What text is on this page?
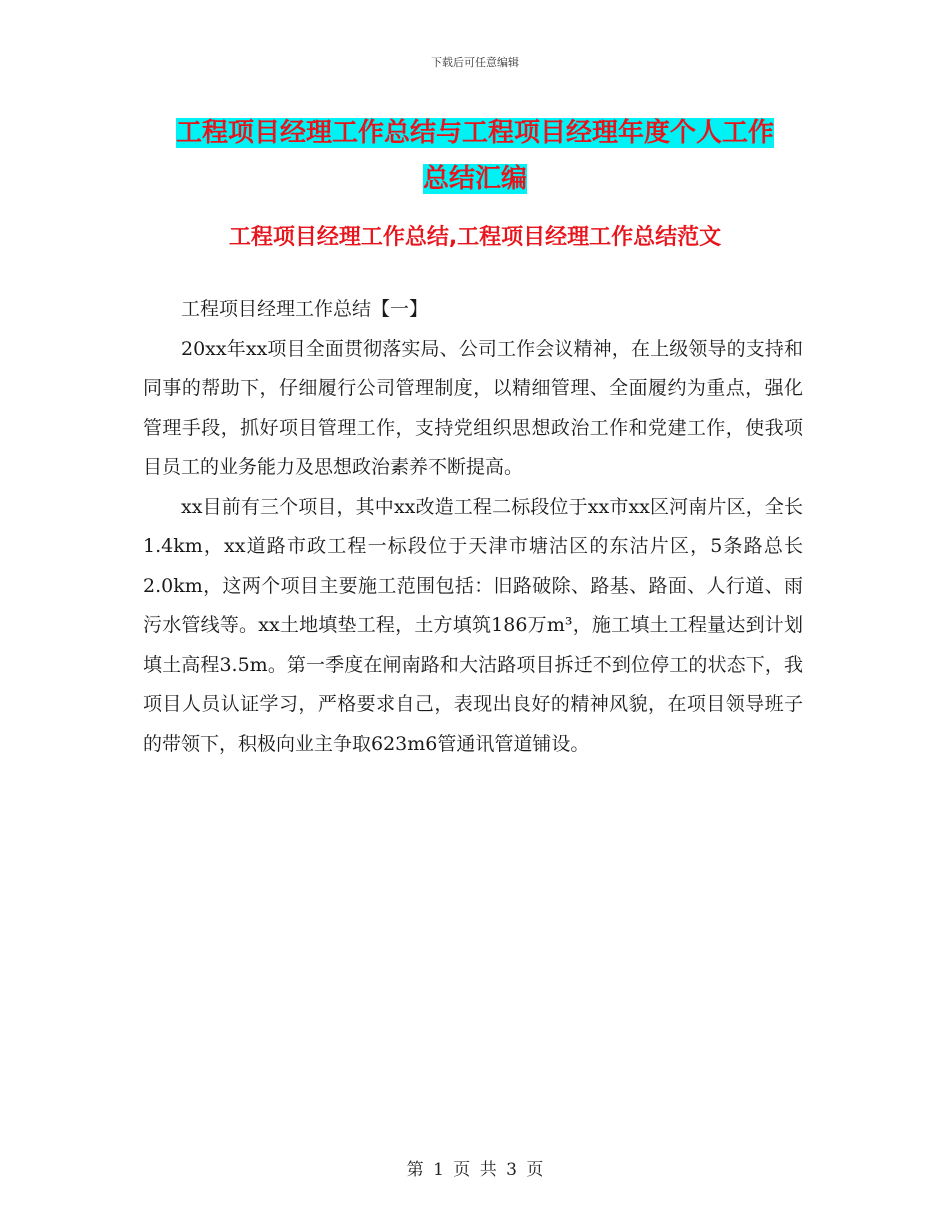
下载后可任意编辑
工程项目经理工作总结与工程项目经理年度个人工作
总结汇编
工程项目经理工作总结,工程项目经理工作总结范文

工程项目经理工作总结【一】

20xx年xx项目全面贯彻落实局、公司工作会议精神，在上级领导的支持和同事的帮助下，仔细履行公司管理制度，以精细管理、全面履约为重点，强化管理手段，抓好项目管理工作，支持党组织思想政治工作和党建工作，使我项目员工的业务能力及思想政治素养不断提高。

xx目前有三个项目，其中xx改造工程二标段位于xx市xx区河南片区，全长1.4km，xx道路市政工程一标段位于天津市塘沽区的东沽片区，5条路总长2.0km，这两个项目主要施工范围包括：旧路破除、路基、路面、人行道、雨污水管线等。xx土地填垫工程，土方填筑186万m³，施工填土工程量达到计划填土高程3.5m。第一季度在闸南路和大沽路项目拆迁不到位停工的状态下，我项目人员认证学习，严格要求自己，表现出良好的精神风貌，在项目领导班子的带领下，积极向业主争取623m6管通讯管道铺设。

第 1 页 共 3 页
